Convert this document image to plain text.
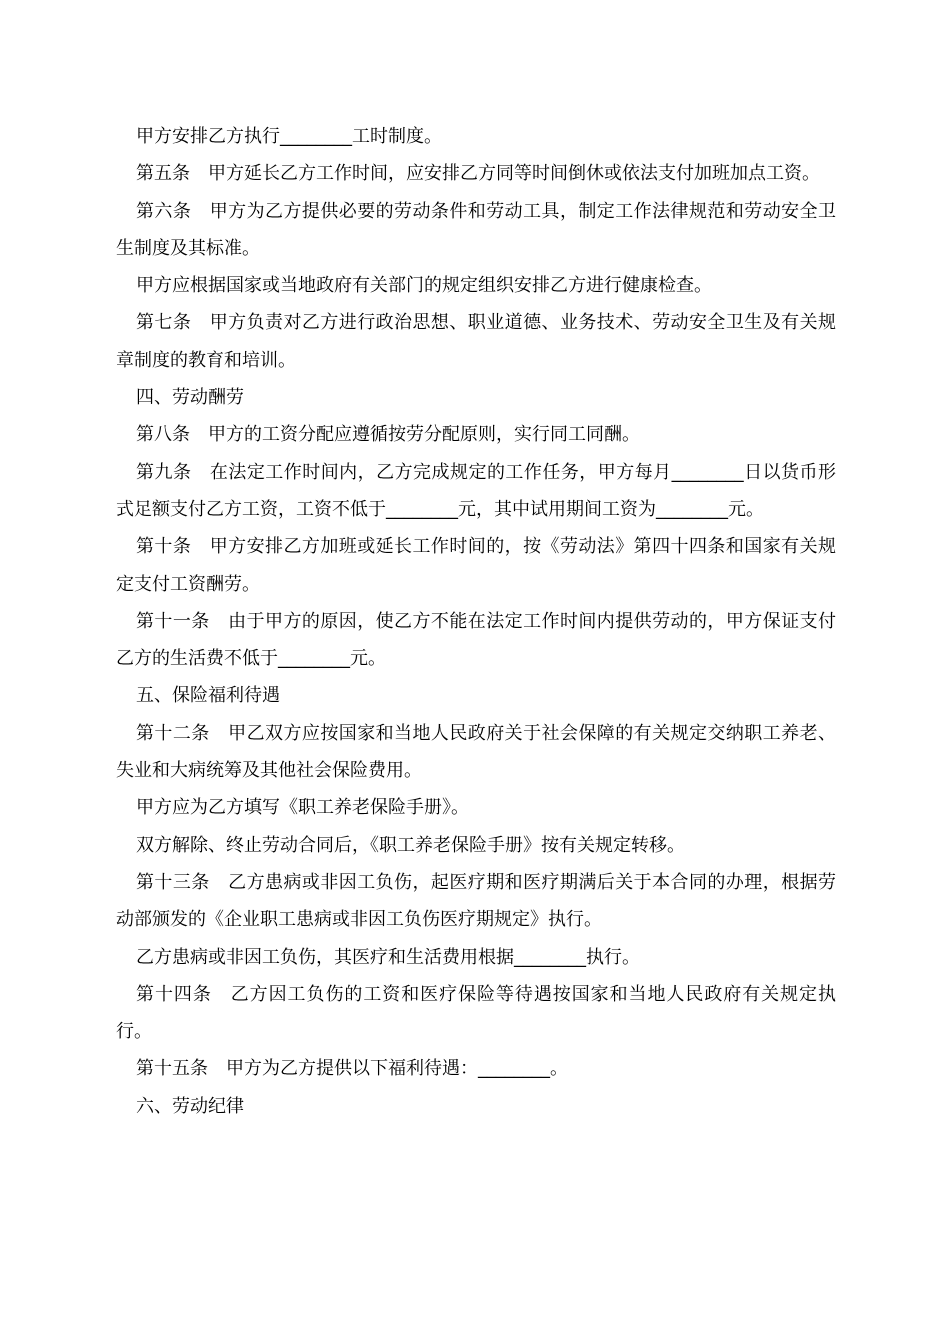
甲方安排乙方执行________工时制度。

第五条　甲方延长乙方工作时间，应安排乙方同等时间倒休或依法支付加班加点工资。

第六条　甲方为乙方提供必要的劳动条件和劳动工具，制定工作法律规范和劳动安全卫生制度及其标准。

甲方应根据国家或当地政府有关部门的规定组织安排乙方进行健康检查。

第七条　甲方负责对乙方进行政治思想、职业道德、业务技术、劳动安全卫生及有关规章制度的教育和培训。

四、劳动酬劳

第八条　甲方的工资分配应遵循按劳分配原则，实行同工同酬。

第九条　在法定工作时间内，乙方完成规定的工作任务，甲方每月________日以货币形式足额支付乙方工资，工资不低于________元，其中试用期间工资为________元。

第十条　甲方安排乙方加班或延长工作时间的，按《劳动法》第四十四条和国家有关规定支付工资酬劳。

第十一条　由于甲方的原因，使乙方不能在法定工作时间内提供劳动的，甲方保证支付乙方的生活费不低于________元。

五、保险福利待遇

第十二条　甲乙双方应按国家和当地人民政府关于社会保障的有关规定交纳职工养老、失业和大病统筹及其他社会保险费用。

甲方应为乙方填写《职工养老保险手册》。

双方解除、终止劳动合同后，《职工养老保险手册》按有关规定转移。

第十三条　乙方患病或非因工负伤，起医疗期和医疗期满后关于本合同的办理，根据劳动部颁发的《企业职工患病或非因工负伤医疗期规定》执行。

乙方患病或非因工负伤，其医疗和生活费用根据________执行。

第十四条　乙方因工负伤的工资和医疗保险等待遇按国家和当地人民政府有关规定执行。

第十五条　甲方为乙方提供以下福利待遇：________。

六、劳动纪律
